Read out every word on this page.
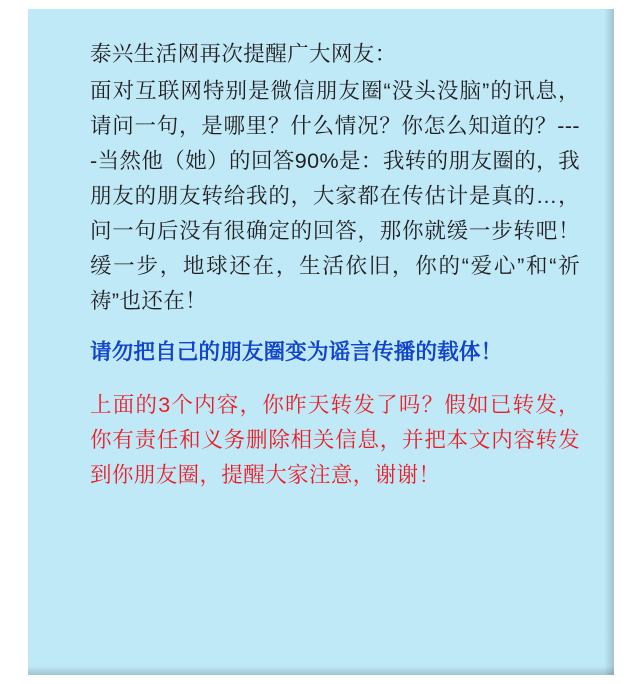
泰兴生活网再次提醒广大网友：

面对互联网特别是微信朋友圈“没头没脑”的讯息，请问一句，是哪里？什么情况？你怎么知道的？----当然他（她）的回答90%是：我转的朋友圈的，我朋友的朋友转给我的，大家都在传估计是真的…，问一句后没有很确定的回答，那你就缓一步转吧！缓一步，地球还在，生活依旧，你的“爱心”和“祈祷”也还在！

请勿把自己的朋友圈变为谣言传播的载体！

上面的3个内容，你昨天转发了吗？假如已转发，你有责任和义务删除相关信息，并把本文内容转发到你朋友圈，提醒大家注意，谢谢！
